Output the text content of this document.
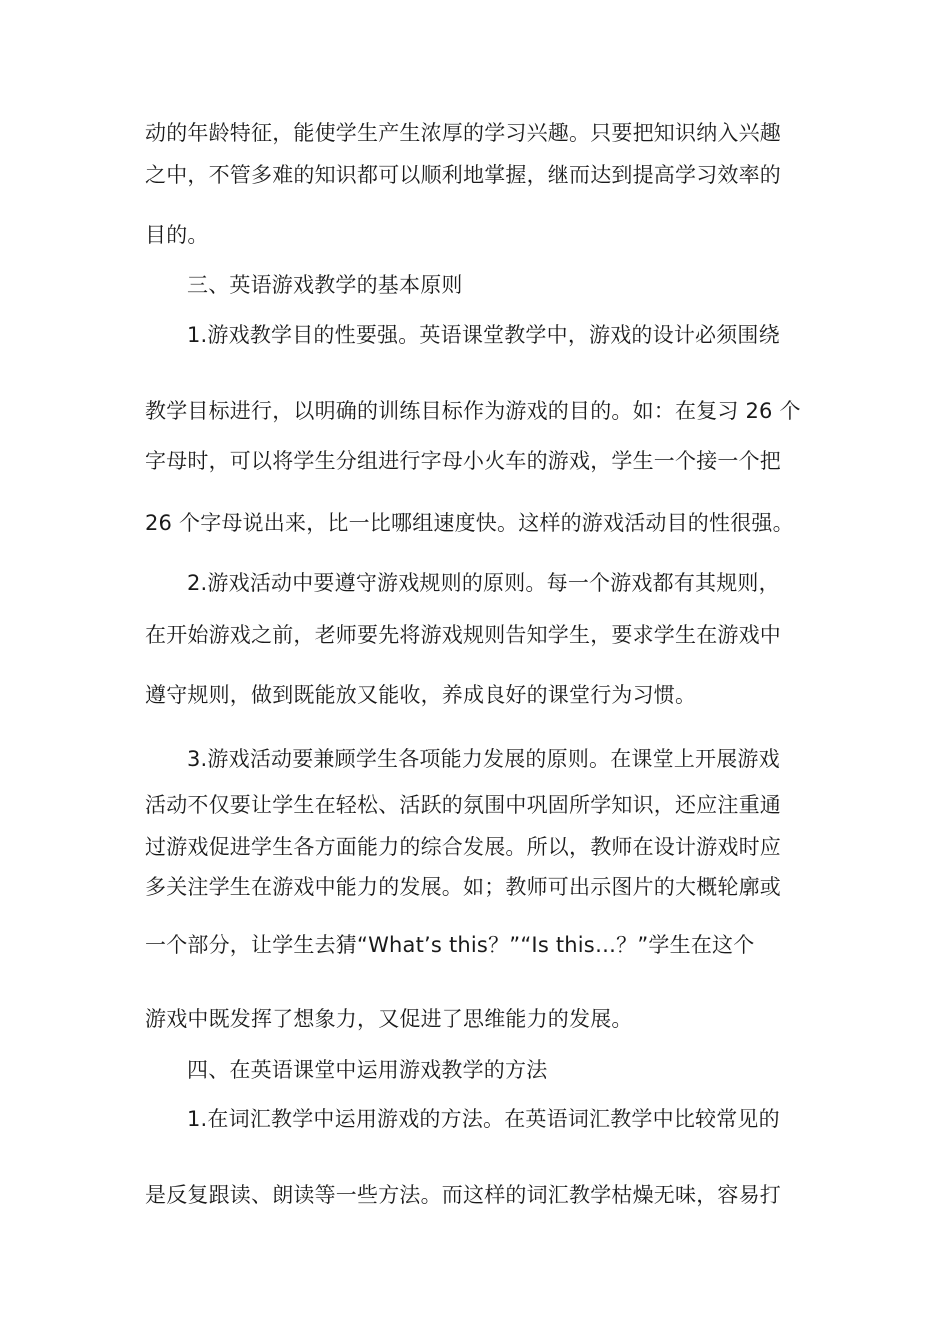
动的年龄特征，能使学生产生浓厚的学习兴趣。只要把知识纳入兴趣
之中，不管多难的知识都可以顺利地掌握，继而达到提高学习效率的
目的。
三、英语游戏教学的基本原则
1.游戏教学目的性要强。英语课堂教学中，游戏的设计必须围绕
教学目标进行，以明确的训练目标作为游戏的目的。如：在复习 26 个
字母时，可以将学生分组进行字母小火车的游戏，学生一个接一个把
26 个字母说出来，比一比哪组速度快。这样的游戏活动目的性很强。
2.游戏活动中要遵守游戏规则的原则。每一个游戏都有其规则，
在开始游戏之前，老师要先将游戏规则告知学生，要求学生在游戏中
遵守规则，做到既能放又能收，养成良好的课堂行为习惯。
3.游戏活动要兼顾学生各项能力发展的原则。在课堂上开展游戏
活动不仅要让学生在轻松、活跃的氛围中巩固所学知识，还应注重通
过游戏促进学生各方面能力的综合发展。所以，教师在设计游戏时应
多关注学生在游戏中能力的发展。如；教师可出示图片的大概轮廓或
一个部分，让学生去猜“What’s this？”“Is this…？”学生在这个
游戏中既发挥了想象力，又促进了思维能力的发展。
四、在英语课堂中运用游戏教学的方法
1.在词汇教学中运用游戏的方法。在英语词汇教学中比较常见的
是反复跟读、朗读等一些方法。而这样的词汇教学枯燥无味，容易打
